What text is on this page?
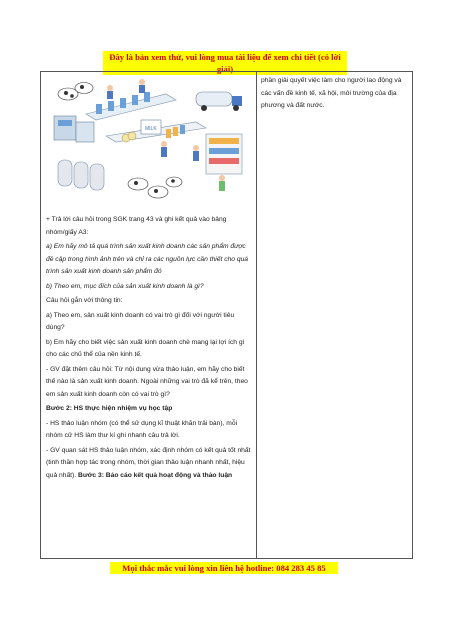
Đây là bản xem thử, vui lòng mua tài liệu để xem chi tiết (có lời giải)
MILK

+ Trả lời câu hỏi trong SGK trang 43 và ghi kết quả vào bảng nhóm/giấy A3:

a) Em hãy mô tả quá trình sản xuất kinh doanh các sản phẩm được đề cập trong hình ảnh trên và chỉ ra các nguồn lực cần thiết cho quá trình sản xuất kinh doanh sản phẩm đó

b) Theo em, mục đích của sản xuất kinh doanh là gì?

Câu hỏi gắn với thông tin:

a) Theo em, sản xuất kinh doanh có vai trò gì đối với người tiêu dùng?

b) Em hãy cho biết việc sản xuất kinh doanh chè mang lại lợi ích gì cho các chủ thể của nền kinh tế.

- GV đặt thêm câu hỏi: Từ nội dung vừa thảo luận, em hãy cho biết thế nào là sản xuất kinh doanh. Ngoài những vai trò đã kể trên, theo em sản xuất kinh doanh còn có vai trò gì?

Bước 2: HS thực hiện nhiệm vụ học tập

- HS thảo luận nhóm (có thể sử dụng kĩ thuật khăn trải bàn), mỗi nhóm cử HS làm thư kí ghi nhanh câu trả lời.

- GV quan sát HS thảo luận nhóm, xác định nhóm có kết quả tốt nhất (tinh thần hợp tác trong nhóm, thời gian thảo luận nhanh nhất, hiệu quả nhất). Bước 3: Báo cáo kết quả hoạt động và thảo luận

phần giải quyết việc làm cho người lao động và các vấn đề kinh tế, xã hội, môi trường của địa phương và đất nước.
Mọi thắc mắc vui lòng xin liên hệ hotline: 084 283 45 85
